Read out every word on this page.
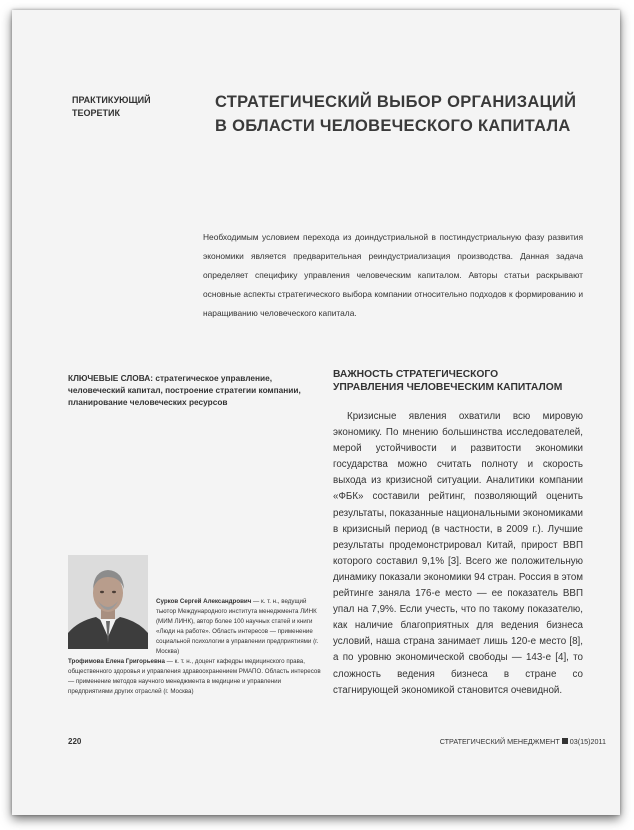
ПРАКТИКУЮЩИЙ
ТЕОРЕТИК
СТРАТЕГИЧЕСКИЙ ВЫБОР ОРГАНИЗАЦИЙ
В ОБЛАСТИ ЧЕЛОВЕЧЕСКОГО КАПИТАЛА
Необходимым условием перехода из доиндустриальной в постиндустриальную фазу развития экономики является предварительная реиндустриализация производства. Данная задача определяет специфику управления человеческим капиталом. Авторы статьи раскрывают основные аспекты стратегического выбора компании относительно подходов к формированию и наращиванию человеческого капитала.
КЛЮЧЕВЫЕ СЛОВА: стратегическое управление, человеческий капитал, построение стратегии компании, планирование человеческих ресурсов
ВАЖНОСТЬ СТРАТЕГИЧЕСКОГО
УПРАВЛЕНИЯ ЧЕЛОВЕЧЕСКИМ КАПИТАЛОМ
Кризисные явления охватили всю мировую экономику. По мнению большинства исследователей, мерой устойчивости и развитости экономики государства можно считать полноту и скорость выхода из кризисной ситуации. Аналитики компании «ФБК» составили рейтинг, позволяющий оценить результаты, показанные национальными экономиками в кризисный период (в частности, в 2009 г.). Лучшие результаты продемонстрировал Китай, прирост ВВП которого составил 9,1% [3]. Всего же положительную динамику показали экономики 94 стран. Россия в этом рейтинге заняла 176-е место — ее показатель ВВП упал на 7,9%. Если учесть, что по такому показателю, как наличие благоприятных для ведения бизнеса условий, наша страна занимает лишь 120-е место [8], а по уровню экономической свободы — 143-е [4], то сложность ведения бизнеса в стране со стагнирующей экономикой становится очевидной.
Сурков Сергей Александрович — к. т. н., ведущий тьютор Международного института менеджмента ЛИНК (МИМ ЛИНК), автор более 100 научных статей и книги «Люди на работе». Область интересов — применение социальной психологии в управлении предприятиями (г. Москва)
Трофимова Елена Григорьевна — к. т. н., доцент кафедры медицинского права, общественного здоровья и управления здравоохранением РМАПО. Область интересов — применение методов научного менеджмента в медицине и управлении предприятиями других отраслей (г. Москва)
220	СТРАТЕГИЧЕСКИЙ МЕНЕДЖМЕНТ 03(15)2011
